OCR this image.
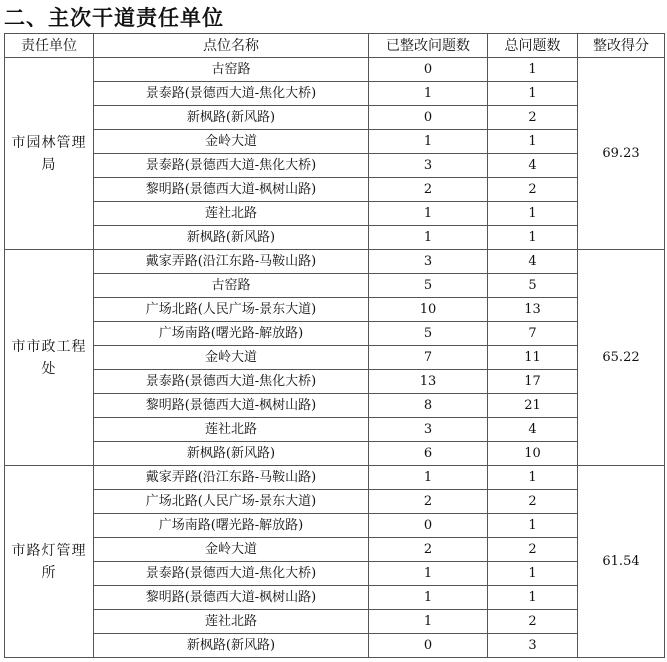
二、主次干道责任单位
责任单位	点位名称	已整改问题数	总问题数	整改得分
市园林管理局	古窑路	0	1	69.23
	景泰路(景德西大道-焦化大桥)	1	1	
	新枫路(新风路)	0	2	
	金岭大道	1	1	
	景泰路(景德西大道-焦化大桥)	3	4	
	黎明路(景德西大道-枫树山路)	2	2	
	莲社北路	1	1	
	新枫路(新风路)	1	1	
市市政工程处	戴家弄路(沿江东路-马鞍山路)	3	4	65.22
	古窑路	5	5	
	广场北路(人民广场-景东大道)	10	13	
	广场南路(曙光路-解放路)	5	7	
	金岭大道	7	11	
	景泰路(景德西大道-焦化大桥)	13	17	
	黎明路(景德西大道-枫树山路)	8	21	
	莲社北路	3	4	
	新枫路(新风路)	6	10	
市路灯管理所	戴家弄路(沿江东路-马鞍山路)	1	1	61.54
	广场北路(人民广场-景东大道)	2	2	
	广场南路(曙光路-解放路)	0	1	
	金岭大道	2	2	
	景泰路(景德西大道-焦化大桥)	1	1	
	黎明路(景德西大道-枫树山路)	1	1	
	莲社北路	1	2	
	新枫路(新风路)	0	3	
